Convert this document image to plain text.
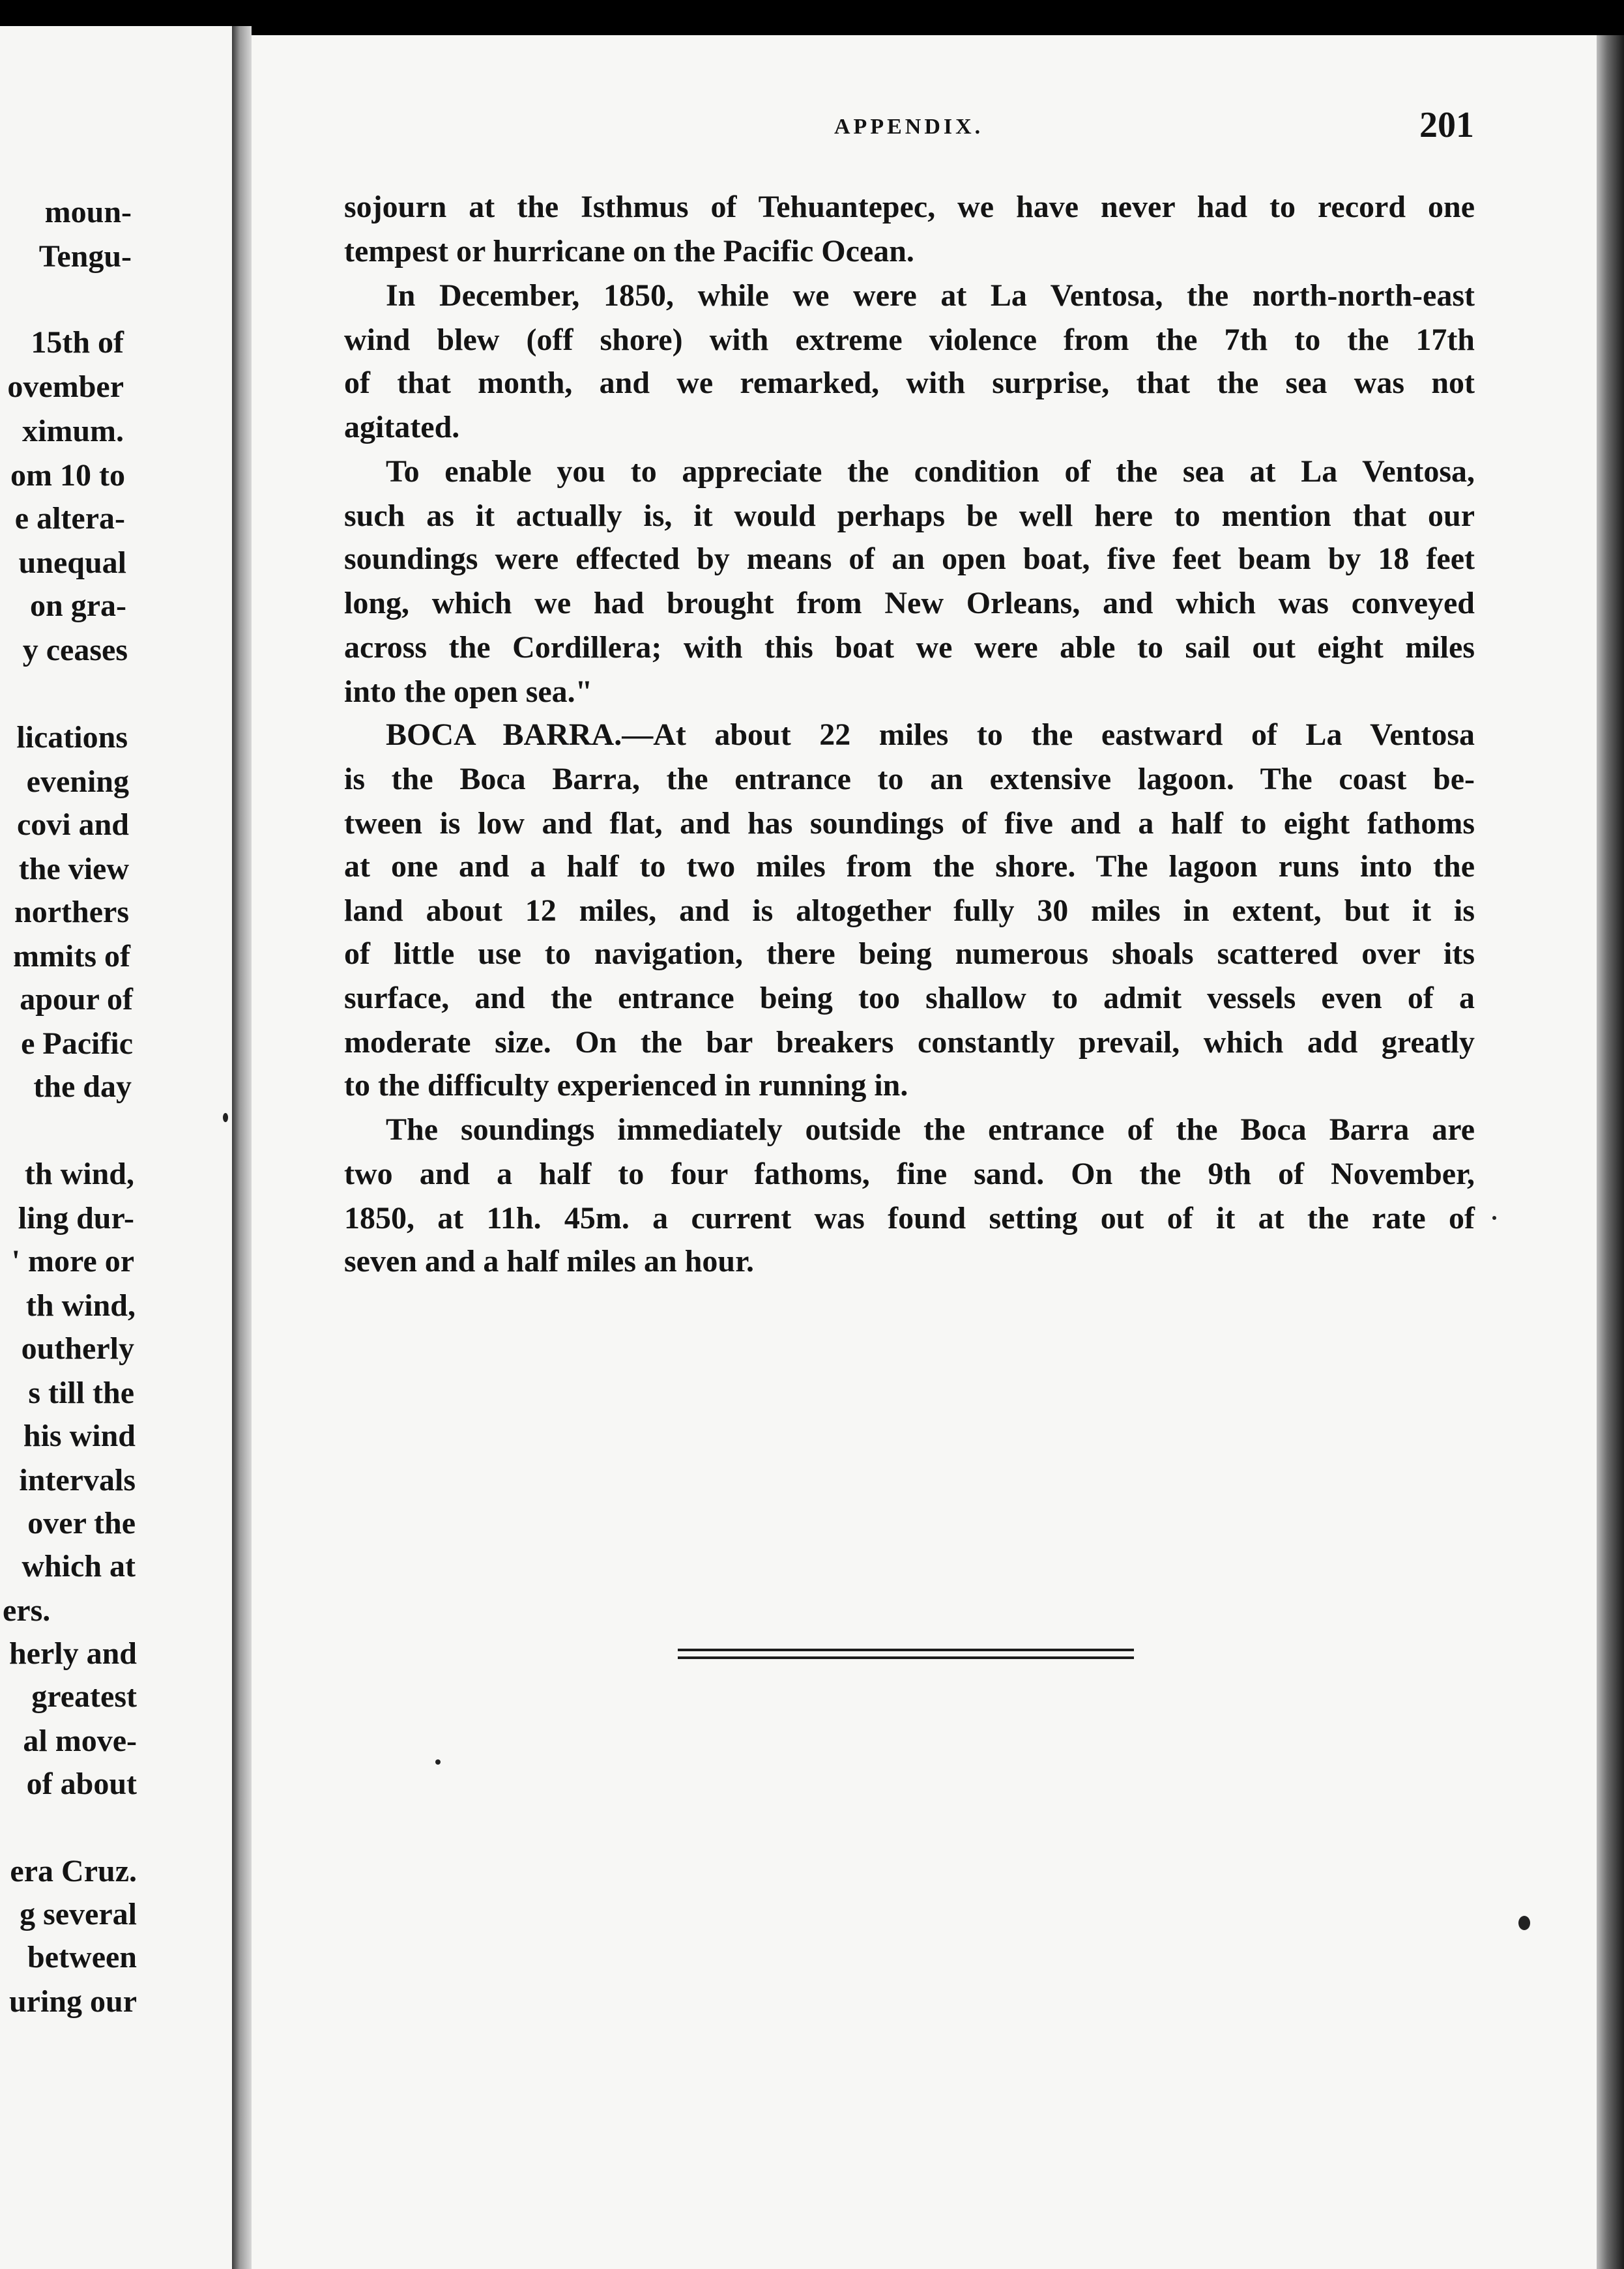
moun-
Tengu-
15th of
ovember
ximum.
om 10 to
e altera-
unequal
on gra-
y ceases
lications
evening
covi and
the view
northers
mmits of
apour of
e Pacific
the day
th wind,
ling dur-
' more or
th wind,
outherly
s till the
his wind
intervals
over the
which at
ers.
herly and
greatest
al move-
of about
era Cruz.
g several
between
uring our
APPENDIX.	201
sojourn at the Isthmus of Tehuantepec, we have never had to record one
tempest or hurricane on the Pacific Ocean.
In December, 1850, while we were at La Ventosa, the north-north-east
wind blew (off shore) with extreme violence from the 7th to the 17th
of that month, and we remarked, with surprise, that the sea was not
agitated.
To enable you to appreciate the condition of the sea at La Ventosa,
such as it actually is, it would perhaps be well here to mention that our
soundings were effected by means of an open boat, five feet beam by 18 feet
long, which we had brought from New Orleans, and which was conveyed
across the Cordillera; with this boat we were able to sail out eight miles
into the open sea."
BOCA BARRA.—At about 22 miles to the eastward of La Ventosa
is the Boca Barra, the entrance to an extensive lagoon. The coast be-
tween is low and flat, and has soundings of five and a half to eight fathoms
at one and a half to two miles from the shore. The lagoon runs into the
land about 12 miles, and is altogether fully 30 miles in extent, but it is
of little use to navigation, there being numerous shoals scattered over its
surface, and the entrance being too shallow to admit vessels even of a
moderate size. On the bar breakers constantly prevail, which add greatly
to the difficulty experienced in running in.
The soundings immediately outside the entrance of the Boca Barra are
two and a half to four fathoms, fine sand. On the 9th of November,
1850, at 11h. 45m. a current was found setting out of it at the rate of
seven and a half miles an hour.
